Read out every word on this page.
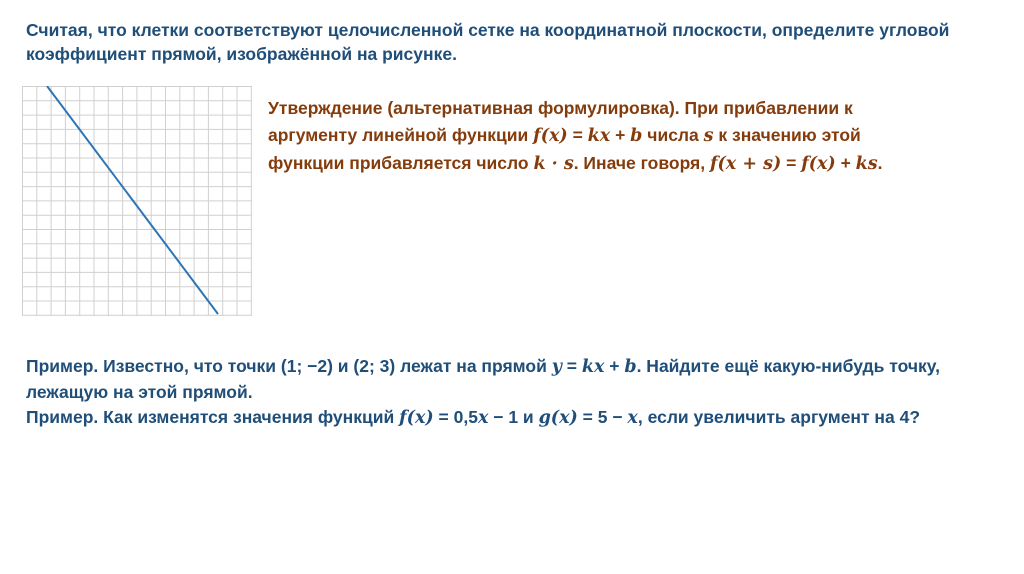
Считая, что клетки соответствуют целочисленной сетке на координатной плоскости, определите угловой коэффициент прямой, изображённой на рисунке.
Утверждение (альтернативная формулировка). При прибавлении к аргументу линейной функции f(x) = kx + b числа s к значению этой функции прибавляется число k · s. Иначе говоря, f(x + s) = f(x) + ks.

Пример. Известно, что точки (1; −2) и (2; 3) лежат на прямой y = kx + b. Найдите ещё какую-нибудь точку, лежащую на этой прямой.

Пример. Как изменятся значения функций f(x) = 0,5x − 1 и g(x) = 5 − x, если увеличить аргумент на 4?
